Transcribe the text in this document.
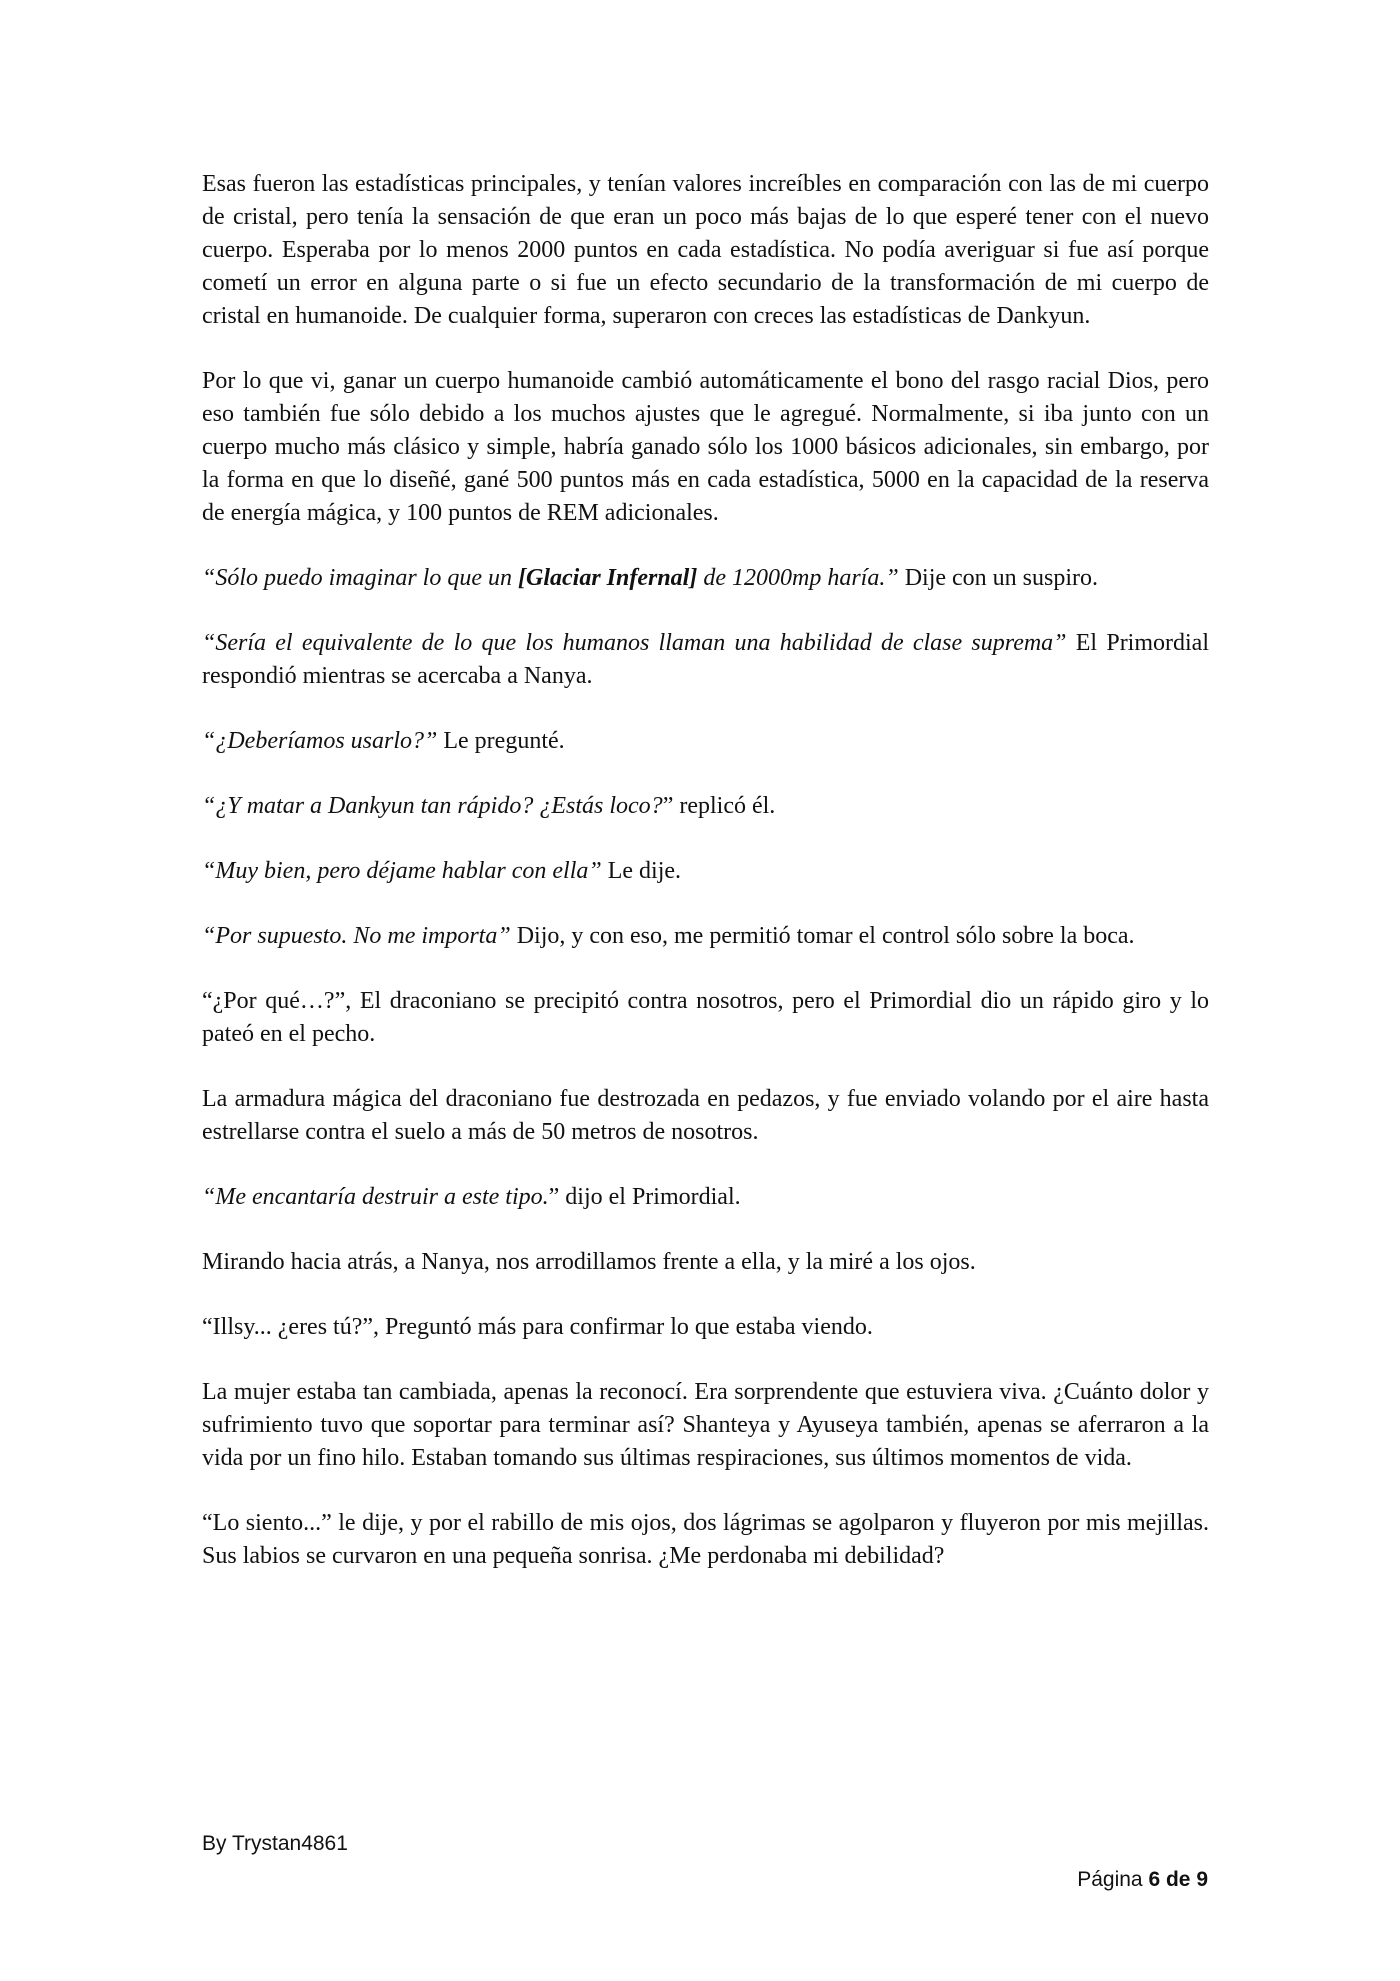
Esas fueron las estadísticas principales, y tenían valores increíbles en comparación con las de mi cuerpo de cristal, pero tenía la sensación de que eran un poco más bajas de lo que esperé tener con el nuevo cuerpo. Esperaba por lo menos 2000 puntos en cada estadística. No podía averiguar si fue así porque cometí un error en alguna parte o si fue un efecto secundario de la transformación de mi cuerpo de cristal en humanoide. De cualquier forma, superaron con creces las estadísticas de Dankyun.

Por lo que vi, ganar un cuerpo humanoide cambió automáticamente el bono del rasgo racial Dios, pero eso también fue sólo debido a los muchos ajustes que le agregué. Normalmente, si iba junto con un cuerpo mucho más clásico y simple, habría ganado sólo los 1000 básicos adicionales, sin embargo, por la forma en que lo diseñé, gané 500 puntos más en cada estadística, 5000 en la capacidad de la reserva de energía mágica, y 100 puntos de REM adicionales.

“Sólo puedo imaginar lo que un [Glaciar Infernal] de 12000mp haría.” Dije con un suspiro.

“Sería el equivalente de lo que los humanos llaman una habilidad de clase suprema” El Primordial respondió mientras se acercaba a Nanya.

“¿Deberíamos usarlo?” Le pregunté.

“¿Y matar a Dankyun tan rápido? ¿Estás loco?” replicó él.

“Muy bien, pero déjame hablar con ella” Le dije.

“Por supuesto. No me importa” Dijo, y con eso, me permitió tomar el control sólo sobre la boca.

“¿Por qué…?”, El draconiano se precipitó contra nosotros, pero el Primordial dio un rápido giro y lo pateó en el pecho.

La armadura mágica del draconiano fue destrozada en pedazos, y fue enviado volando por el aire hasta estrellarse contra el suelo a más de 50 metros de nosotros.

“Me encantaría destruir a este tipo.” dijo el Primordial.

Mirando hacia atrás, a Nanya, nos arrodillamos frente a ella, y la miré a los ojos.

“Illsy... ¿eres tú?”, Preguntó más para confirmar lo que estaba viendo.

La mujer estaba tan cambiada, apenas la reconocí. Era sorprendente que estuviera viva. ¿Cuánto dolor y sufrimiento tuvo que soportar para terminar así? Shanteya y Ayuseya también, apenas se aferraron a la vida por un fino hilo. Estaban tomando sus últimas respiraciones, sus últimos momentos de vida.

“Lo siento...” le dije, y por el rabillo de mis ojos, dos lágrimas se agolparon y fluyeron por mis mejillas. Sus labios se curvaron en una pequeña sonrisa. ¿Me perdonaba mi debilidad?

By Trystan4861
Página 6 de 9
